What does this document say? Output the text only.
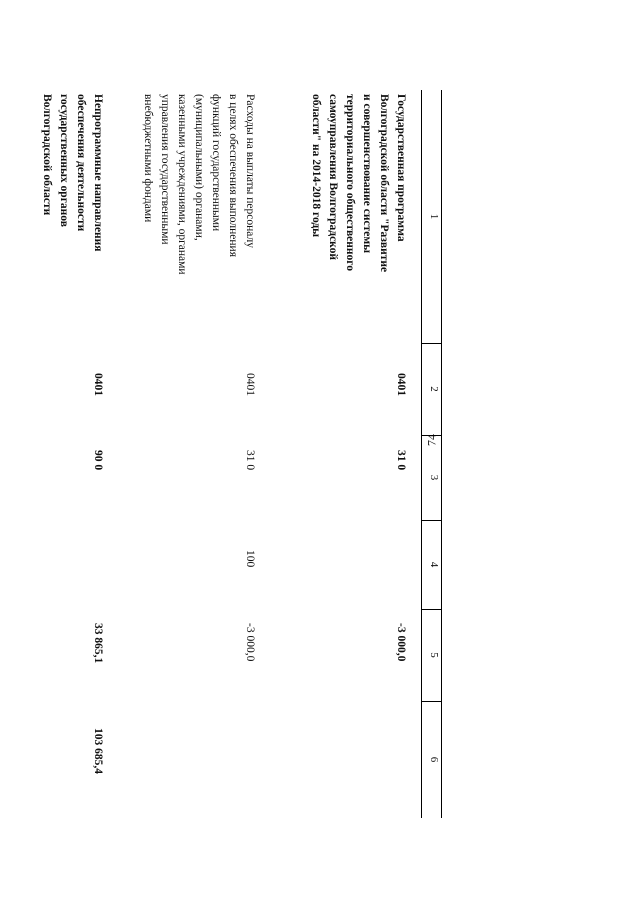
74
1
2
3
4
5
6
Государственная программа
Волгоградской области "Развитие
и совершенствование системы
территориального общественного
самоуправления Волгоградской
области" на 2014-2018 годы
0401
31 0
-3 000,0
Расходы на выплаты персоналу
в целях обеспечения выполнения
функций государственными
(муниципальными) органами,
казенными учреждениями, органами
управления государственными
внебюджетными фондами
0401
31 0
100
-3 000,0
Непрограммные направления
обеспечения деятельности
государственных органов
Волгоградской области
0401
90 0
33 865,1
103 685,4
